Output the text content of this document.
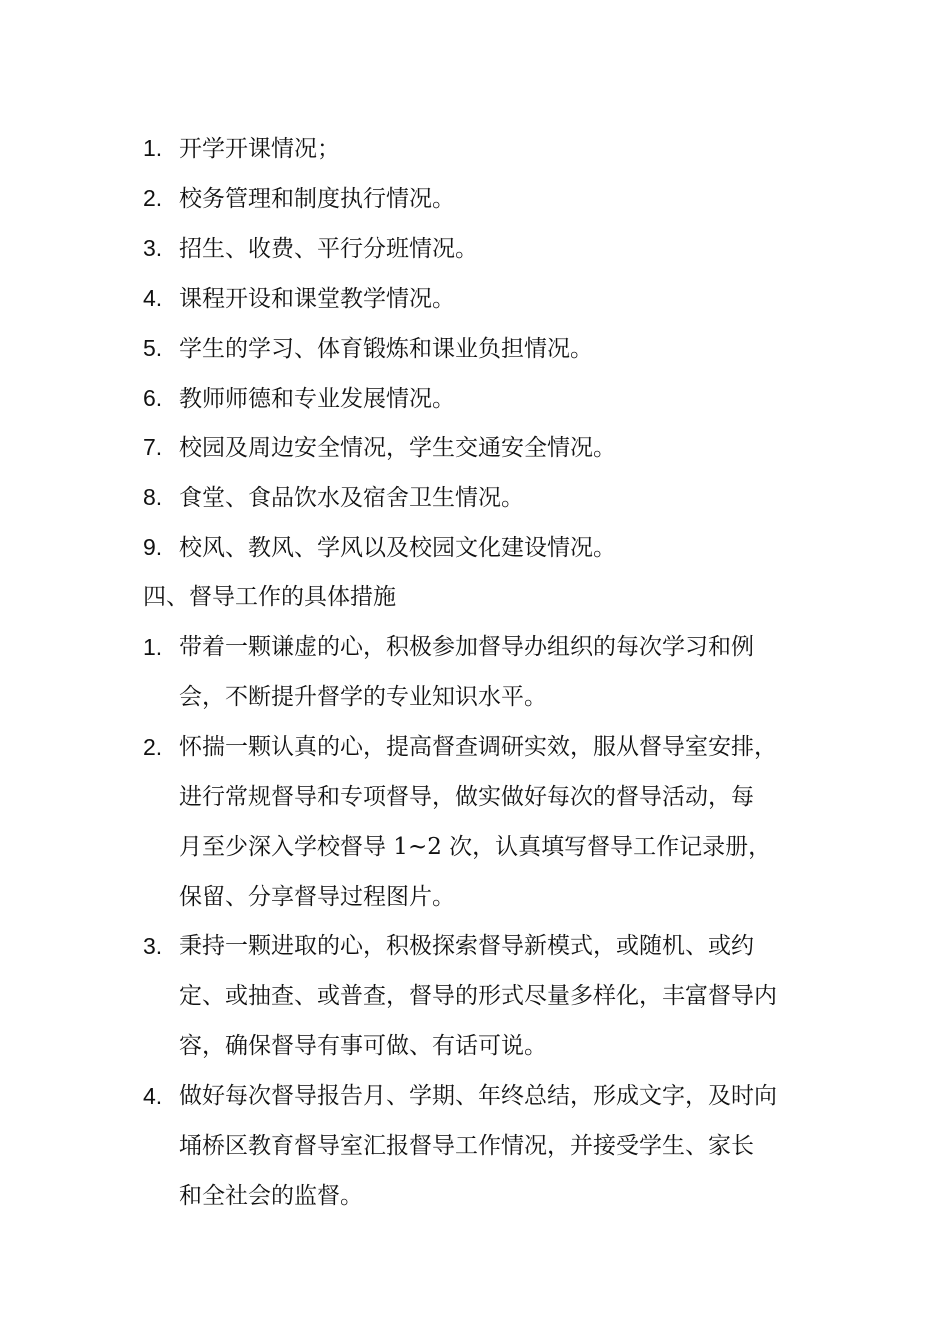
1. 开学开课情况；
2. 校务管理和制度执行情况。
3. 招生、收费、平行分班情况。
4. 课程开设和课堂教学情况。
5. 学生的学习、体育锻炼和课业负担情况。
6. 教师师德和专业发展情况。
7. 校园及周边安全情况，学生交通安全情况。
8. 食堂、食品饮水及宿舍卫生情况。
9. 校风、教风、学风以及校园文化建设情况。
四、督导工作的具体措施
1. 带着一颗谦虚的心，积极参加督导办组织的每次学习和例
会，不断提升督学的专业知识水平。
2. 怀揣一颗认真的心，提高督查调研实效，服从督导室安排，
进行常规督导和专项督导，做实做好每次的督导活动，每
月至少深入学校督导 1~2 次，认真填写督导工作记录册，
保留、分享督导过程图片。
3. 秉持一颗进取的心，积极探索督导新模式，或随机、或约
定、或抽查、或普查，督导的形式尽量多样化，丰富督导内
容，确保督导有事可做、有话可说。
4. 做好每次督导报告月、学期、年终总结，形成文字，及时向
埇桥区教育督导室汇报督导工作情况，并接受学生、家长
和全社会的监督。
